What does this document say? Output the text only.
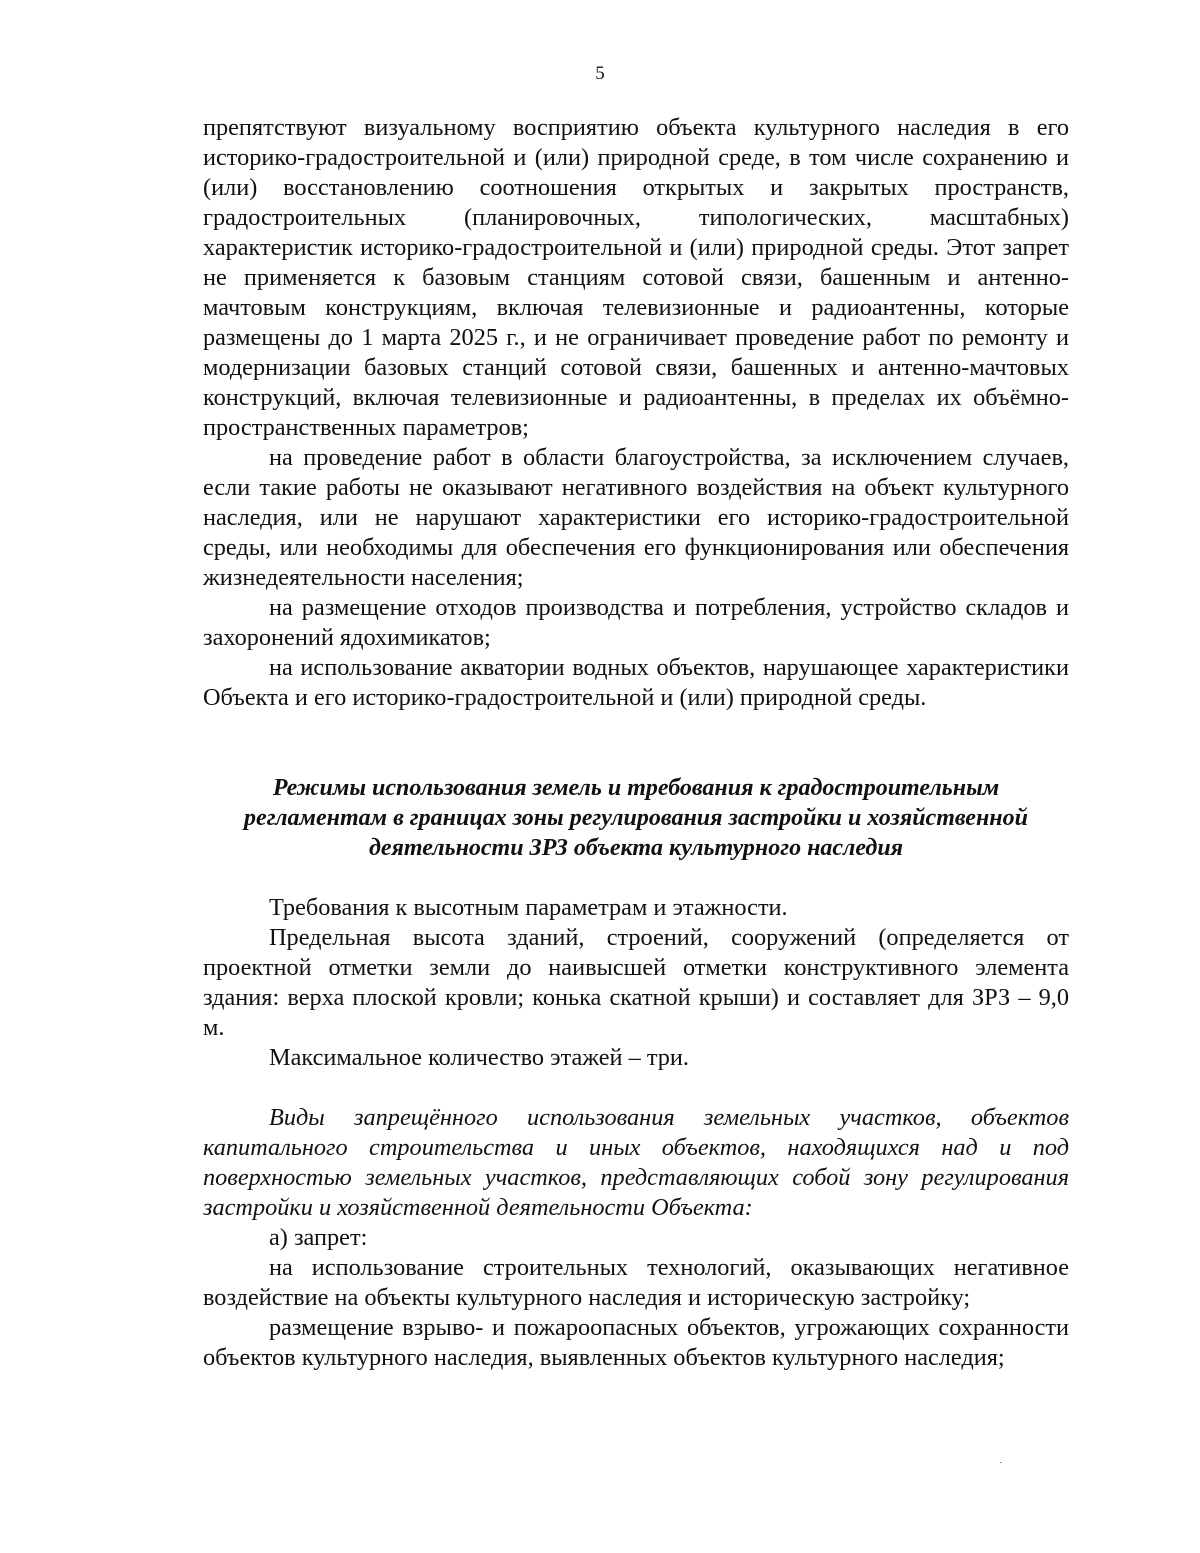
5

препятствуют визуальному восприятию объекта культурного наследия в его историко-градостроительной и (или) природной среде, в том числе сохранению и (или) восстановлению соотношения открытых и закрытых пространств, градостроительных (планировочных, типологических, масштабных) характеристик историко-градостроительной и (или) природной среды. Этот запрет не применяется к базовым станциям сотовой связи, башенным и антенно-мачтовым конструкциям, включая телевизионные и радиоантенны, которые размещены до 1 марта 2025 г., и не ограничивает проведение работ по ремонту и модернизации базовых станций сотовой связи, башенных и антенно-мачтовых конструкций, включая телевизионные и радиоантенны, в пределах их объёмно-пространственных параметров;

на проведение работ в области благоустройства, за исключением случаев, если такие работы не оказывают негативного воздействия на объект культурного наследия, или не нарушают характеристики его историко-градостроительной среды, или необходимы для обеспечения его функционирования или обеспечения жизнедеятельности населения;

на размещение отходов производства и потребления, устройство складов и захоронений ядохимикатов;

на использование акватории водных объектов, нарушающее характеристики Объекта и его историко-градостроительной и (или) природной среды.

Режимы использования земель и требования к градостроительным регламентам в границах зоны регулирования застройки и хозяйственной деятельности ЗРЗ объекта культурного наследия

Требования к высотным параметрам и этажности.

Предельная высота зданий, строений, сооружений (определяется от проектной отметки земли до наивысшей отметки конструктивного элемента здания: верха плоской кровли; конька скатной крыши) и составляет для ЗРЗ – 9,0 м.

Максимальное количество этажей – три.

Виды запрещённого использования земельных участков, объектов капитального строительства и иных объектов, находящихся над и под поверхностью земельных участков, представляющих собой зону регулирования застройки и хозяйственной деятельности Объекта:

а) запрет:

на использование строительных технологий, оказывающих негативное воздействие на объекты культурного наследия и историческую застройку;

размещение взрыво- и пожароопасных объектов, угрожающих сохранности объектов культурного наследия, выявленных объектов культурного наследия;
